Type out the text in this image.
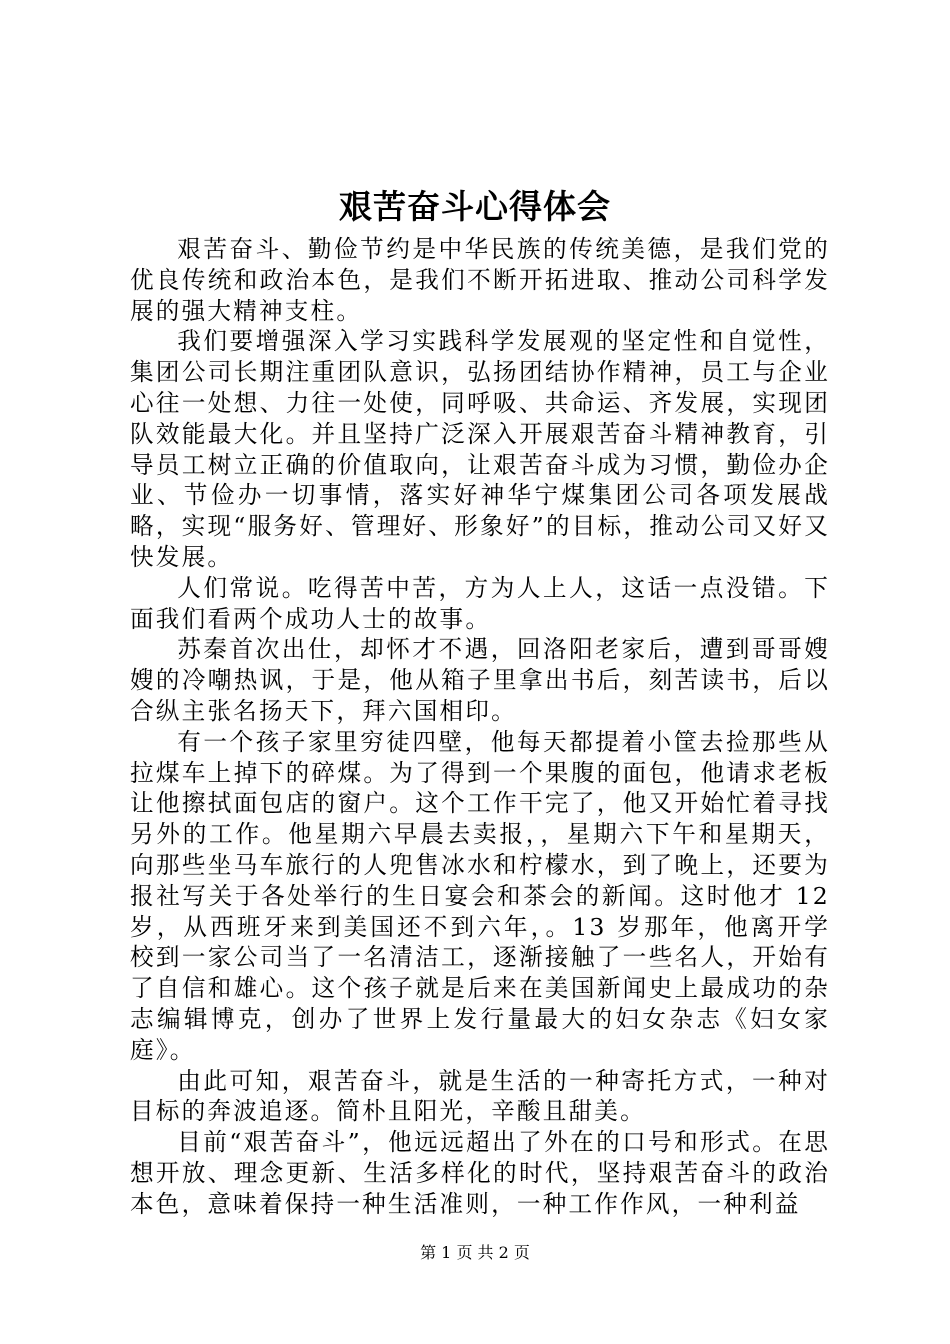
艰苦奋斗心得体会

艰苦奋斗、勤俭节约是中华民族的传统美德，是我们党的优良传统和政治本色，是我们不断开拓进取、推动公司科学发展的强大精神支柱。

我们要增强深入学习实践科学发展观的坚定性和自觉性，集团公司长期注重团队意识，弘扬团结协作精神，员工与企业心往一处想、力往一处使，同呼吸、共命运、齐发展，实现团队效能最大化。并且坚持广泛深入开展艰苦奋斗精神教育，引导员工树立正确的价值取向，让艰苦奋斗成为习惯，勤俭办企业、节俭办一切事情，落实好神华宁煤集团公司各项发展战略，实现“服务好、管理好、形象好”的目标，推动公司又好又快发展。

人们常说。吃得苦中苦，方为人上人，这话一点没错。下面我们看两个成功人士的故事。

苏秦首次出仕，却怀才不遇，回洛阳老家后，遭到哥哥嫂嫂的冷嘲热讽，于是，他从箱子里拿出书后，刻苦读书，后以合纵主张名扬天下，拜六国相印。

有一个孩子家里穷徒四壁，他每天都提着小筐去捡那些从拉煤车上掉下的碎煤。为了得到一个果腹的面包，他请求老板让他擦拭面包店的窗户。这个工作干完了，他又开始忙着寻找另外的工作。他星期六早晨去卖报，，星期六下午和星期天，向那些坐马车旅行的人兜售冰水和柠檬水，到了晚上，还要为报社写关于各处举行的生日宴会和茶会的新闻。这时他才 12 岁，从西班牙来到美国还不到六年，。13 岁那年，他离开学校到一家公司当了一名清洁工，逐渐接触了一些名人，开始有了自信和雄心。这个孩子就是后来在美国新闻史上最成功的杂志编辑博克，创办了世界上发行量最大的妇女杂志《妇女家庭》。

由此可知，艰苦奋斗，就是生活的一种寄托方式，一种对目标的奔波追逐。简朴且阳光，辛酸且甜美。

目前“艰苦奋斗”，他远远超出了外在的口号和形式。在思想开放、理念更新、生活多样化的时代，坚持艰苦奋斗的政治本色，意味着保持一种生活准则，一种工作作风，一种利益

第 1 页 共 2 页
